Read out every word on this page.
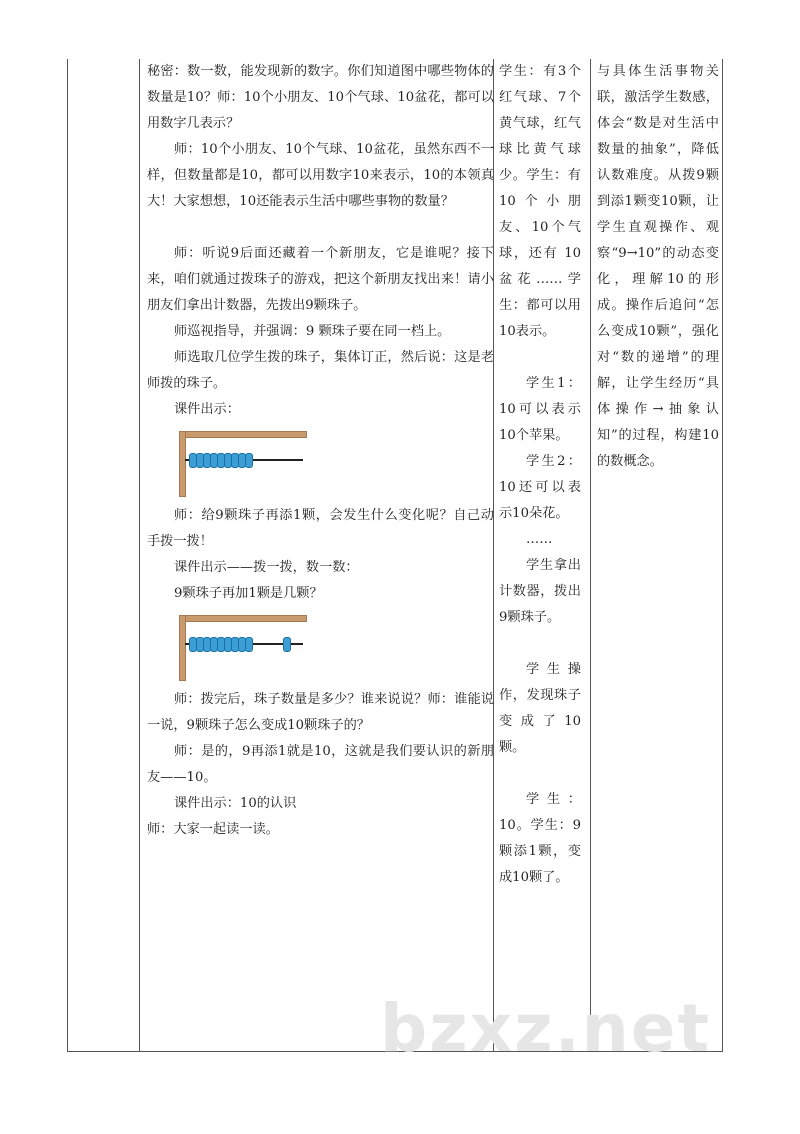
秘密：数一数，能发现新的数字。你们知道图中哪些物体的数量是10？师：10个小朋友、10个气球、10盆花，都可以用数字几表示？

师：10个小朋友、10个气球、10盆花，虽然东西不一样，但数量都是10，都可以用数字10来表示，10的本领真大！大家想想，10还能表示生活中哪些事物的数量？

师：听说9后面还藏着一个新朋友，它是谁呢？接下来，咱们就通过拨珠子的游戏，把这个新朋友找出来！请小朋友们拿出计数器，先拨出9颗珠子。

师巡视指导，并强调：9 颗珠子要在同一档上。

师选取几位学生拨的珠子，集体订正，然后说：这是老师拨的珠子。

课件出示：

师：给9颗珠子再添1颗，会发生什么变化呢？自己动手拨一拨！

课件出示——拨一拨，数一数：

9颗珠子再加1颗是几颗？

师：拨完后，珠子数量是多少？谁来说说？师：谁能说一说，9颗珠子怎么变成10颗珠子的？

师：是的，9再添1就是10，这就是我们要认识的新朋友——10。

课件出示：10的认识

师：大家一起读一读。

学生：有3个红气球、7个黄气球，红气球比黄气球少。学生：有10个小朋友、10个气球，还有 10 盆花……学生：都可以用10表示。

学生1：10可以表示10个苹果。

学生2：10还可以表示10朵花。

……

学生拿出计数器，拨出9颗珠子。

学生操作，发现珠子变成了10颗。

学生：10。学生：9颗添1颗，变成10颗了。

与具体生活事物关联，激活学生数感，体会“数是对生活中数量的抽象”，降低认数难度。从拨9颗到添1颗变10颗，让学生直观操作、观察“9→10”的动态变化，理解10的形成。操作后追问“怎么变成10颗”，强化对“数的递增”的理解，让学生经历“具体操作→抽象认知”的过程，构建10的数概念。

bzxz.net
